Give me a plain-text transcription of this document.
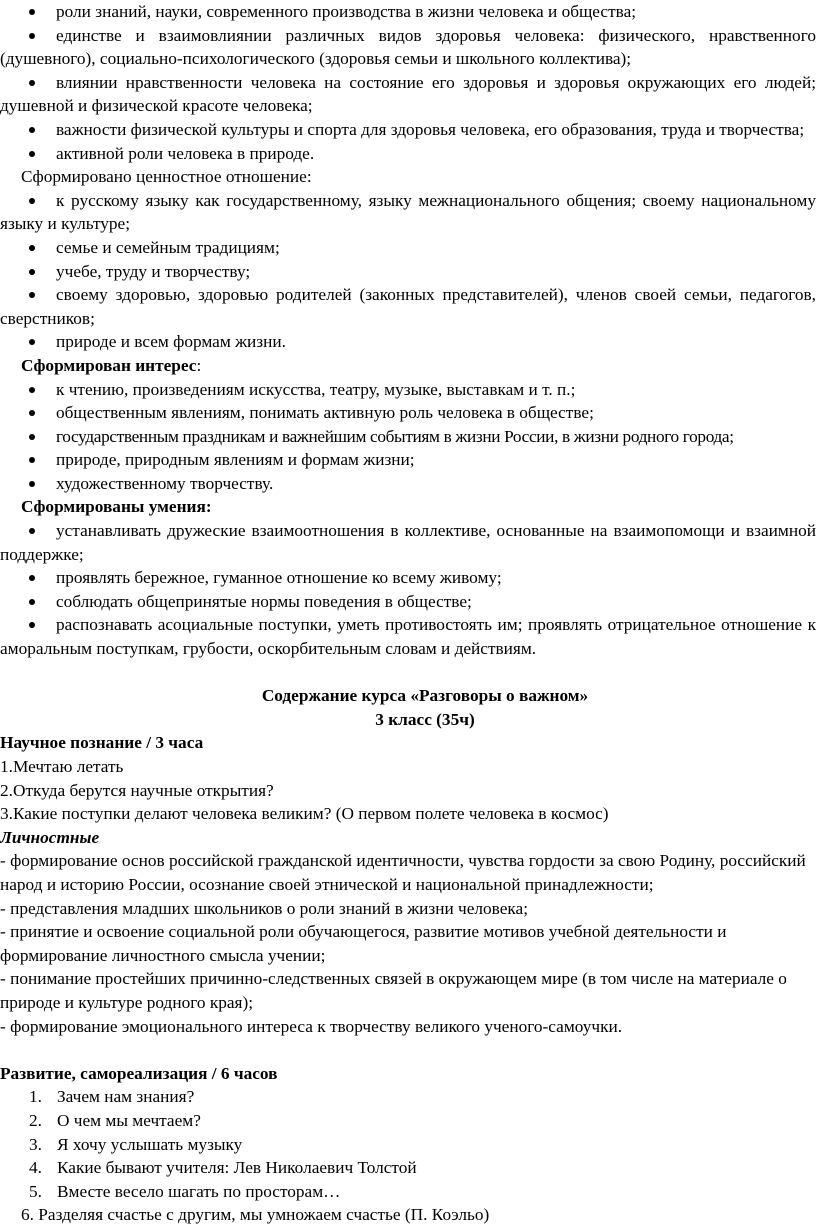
роли знаний, науки, современного производства в жизни человека и общества;
единстве и взаимовлиянии различных видов здоровья человека: физического, нравственного (душевного), социально-психологического (здоровья семьи и школьного коллектива);
влиянии нравственности человека на состояние его здоровья и здоровья окружающих его людей; душевной и физической красоте человека;
важности физической культуры и спорта для здоровья человека, его образования, труда и творчества;
активной роли человека в природе.

Сформировано ценностное отношение:

к русскому языку как государственному, языку межнационального общения; своему национальному языку и культуре;
семье и семейным традициям;
учебе, труду и творчеству;
своему здоровью, здоровью родителей (законных представителей), членов своей семьи, педагогов, сверстников;
природе и всем формам жизни.

Сформирован интерес:

к чтению, произведениям искусства, театру, музыке, выставкам и т. п.;
общественным явлениям, понимать активную роль человека в обществе;
государственным праздникам и важнейшим событиям в жизни России, в жизни родного города;
природе, природным явлениям и формам жизни;
художественному творчеству.

Сформированы умения:

устанавливать дружеские взаимоотношения в коллективе, основанные на взаимопомощи и взаимной поддержке;
проявлять бережное, гуманное отношение ко всему живому;
соблюдать общепринятые нормы поведения в обществе;
распознавать асоциальные поступки, уметь противостоять им; проявлять отрицательное отношение к аморальным поступкам, грубости, оскорбительным словам и действиям.

Содержание курса «Разговоры о важном»

3 класс (35ч)

Научное познание / 3 часа

1.Мечтаю летать

2.Откуда берутся научные открытия?

3.Какие поступки делают человека великим? (О первом полете человека в космос)

Личностные

- формирование основ российской гражданской идентичности, чувства гордости за свою Родину, российский народ и историю России, осознание своей этнической и национальной принадлежности;

- представления младших школьников о роли знаний в жизни человека;

- принятие и освоение социальной роли обучающегося, развитие мотивов учебной деятельности и формирование личностного смысла учении;

- понимание простейших причинно-следственных связей в окружающем мире (в том числе на материале о природе и культуре родного края);

- формирование эмоционального интереса к творчеству великого ученого-самоучки.

Развитие, самореализация / 6 часов

1. Зачем нам знания?
2. О чем мы мечтаем?
3. Я хочу услышать музыку
4. Какие бывают учителя: Лев Николаевич Толстой
5. Вместе весело шагать по просторам…
6. Разделяя счастье с другим, мы умножаем счастье (П. Коэльо)
